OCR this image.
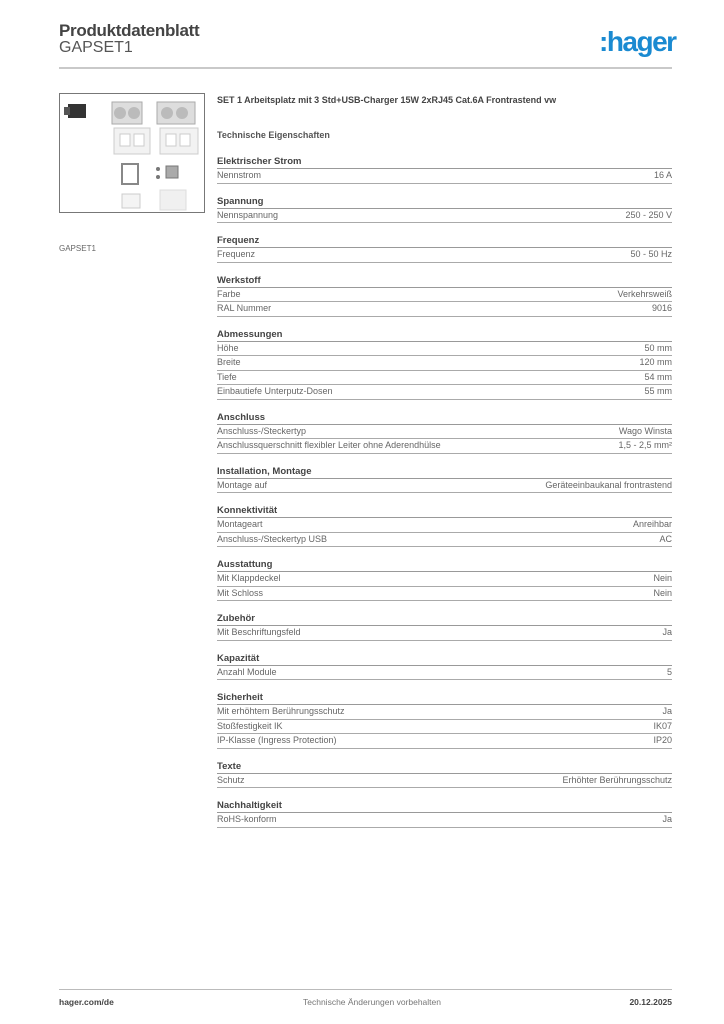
Produktdatenblatt
GAPSET1	:hager
GAPSET1
SET 1 Arbeitsplatz mit 3 Std+USB-Charger 15W 2xRJ45 Cat.6A Frontrastend vw
Technische Eigenschaften
Elektrischer Strom
Nennstrom	16 A
Spannung
Nennspannung	250 - 250 V
Frequenz
Frequenz	50 - 50 Hz
Werkstoff
Farbe	Verkehrsweiß
RAL Nummer	9016
Abmessungen
Höhe	50 mm
Breite	120 mm
Tiefe	54 mm
Einbautiefe Unterputz-Dosen	55 mm
Anschluss
Anschluss-/Steckertyp	Wago Winsta
Anschlussquerschnitt flexibler Leiter ohne Aderendhülse	1,5 - 2,5 mm²
Installation, Montage
Montage auf	Geräteeinbaukanal frontrastend
Konnektivität
Montageart	Anreihbar
Anschluss-/Steckertyp USB	AC
Ausstattung
Mit Klappdeckel	Nein
Mit Schloss	Nein
Zubehör
Mit Beschriftungsfeld	Ja
Kapazität
Anzahl Module	5
Sicherheit
Mit erhöhtem Berührungsschutz	Ja
Stoßfestigkeit IK	IK07
IP-Klasse (Ingress Protection)	IP20
Texte
Schutz	Erhöhter Berührungsschutz
Nachhaltigkeit
RoHS-konform	Ja
hager.com/de	Technische Änderungen vorbehalten	20.12.2025
